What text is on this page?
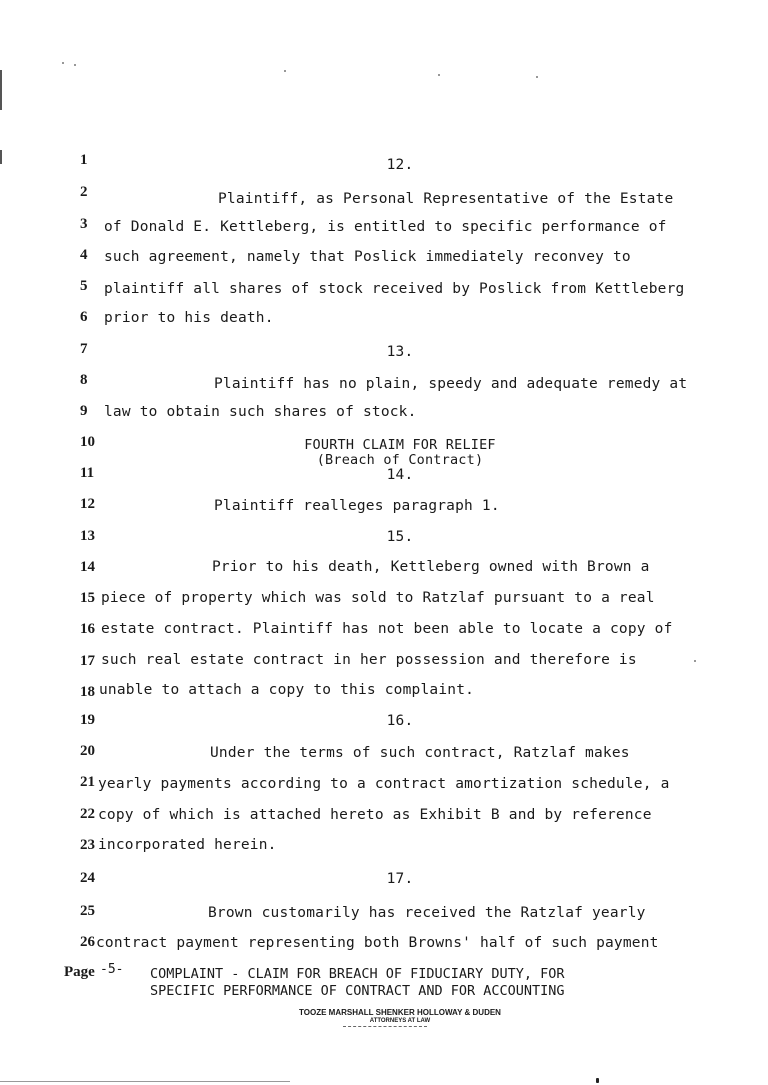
1	12.
2	Plaintiff, as Personal Representative of the Estate
3	of Donald E. Kettleberg, is entitled to specific performance of
4	such agreement, namely that Poslick immediately reconvey to
5	plaintiff all shares of stock received by Poslick from Kettleberg
6	prior to his death.
7	13.
8	Plaintiff has no plain, speedy and adequate remedy at
9	law to obtain such shares of stock.
10	FOURTH CLAIM FOR RELIEF
(Breach of Contract)
11	14.
12	Plaintiff realleges paragraph 1.
13	15.
14	Prior to his death, Kettleberg owned with Brown a
15 piece of property which was sold to Ratzlaf pursuant to a real
16 estate contract. Plaintiff has not been able to locate a copy of
17 such real estate contract in her possession and therefore is
18 unable to attach a copy to this complaint.
19	16.
20	Under the terms of such contract, Ratzlaf makes
21 yearly payments according to a contract amortization schedule, a
22 copy of which is attached hereto as Exhibit B and by reference
23 incorporated herein.
24	17.
25	Brown customarily has received the Ratzlaf yearly
26 contract payment representing both Browns' half of such payment
Page -5- COMPLAINT - CLAIM FOR BREACH OF FIDUCIARY DUTY, FOR
SPECIFIC PERFORMANCE OF CONTRACT AND FOR ACCOUNTING
TOOZE MARSHALL SHENKER HOLLOWAY & DUDEN
ATTORNEYS AT LAW
